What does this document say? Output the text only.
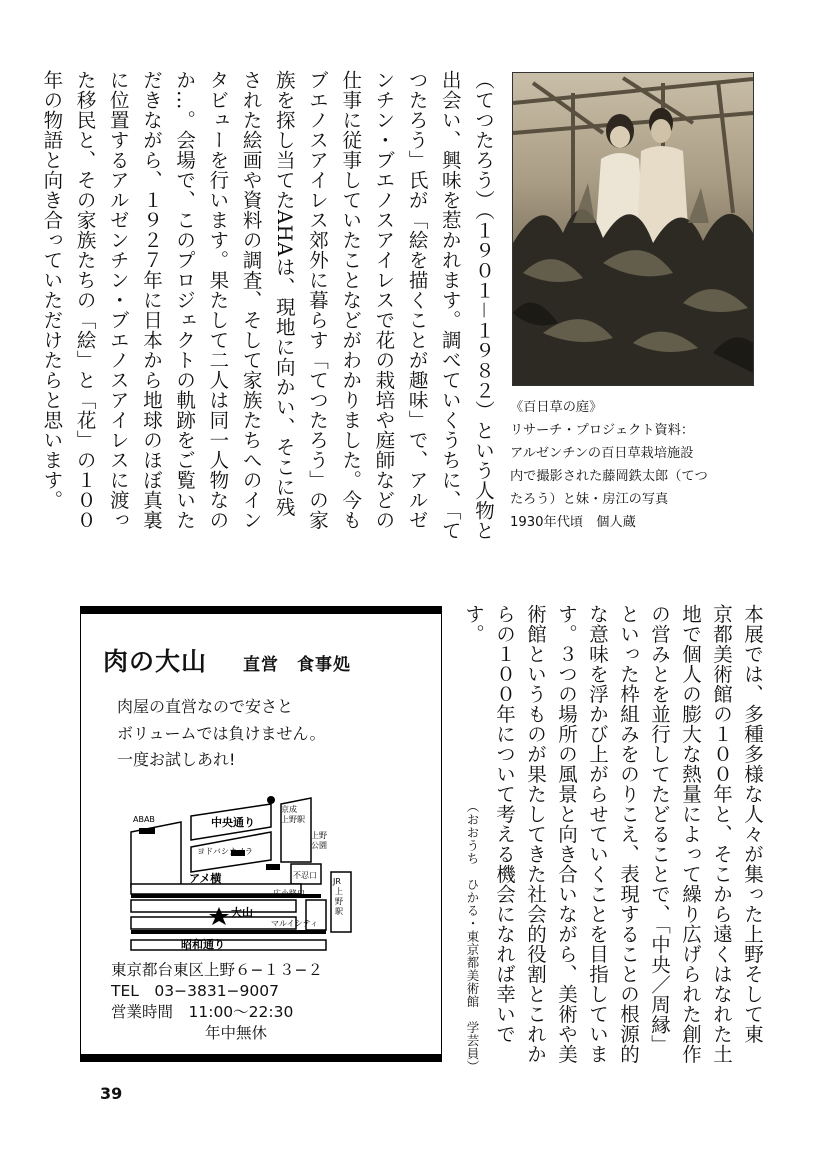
（てつたろう）（１９０１－１９８２）という人物と
出会い、興味を惹かれます。調べていくうちに、「て
つたろう」氏が「絵を描くことが趣味」で、アルゼ
ンチン・ブエノスアイレスで花の栽培や庭師などの
仕事に従事していたことなどがわかりました。今も
ブエノスアイレス郊外に暮らす「てつたろう」の家
族を探し当てたAHAは、現地に向かい、そこに残
された絵画や資料の調査、そして家族たちへのイン
タビューを行います。果たして二人は同一人物なの
か…。会場で、このプロジェクトの軌跡をご覧いた
だきながら、１９２７年に日本から地球のほぼ真裏
に位置するアルゼンチン・ブエノスアイレスに渡っ
た移民と、その家族たちの「絵」と「花」の１００
年の物語と向き合っていただけたらと思います。	《百日草の庭》
リサーチ・プロジェクト資料：
アルゼンチンの百日草栽培施設
内で撮影された藤岡鉄太郎（てつ
たろう）と妹・房江の写真
1930年代頃　個人蔵
肉の大山 直営　食事処
肉屋の直営なので安さと
ボリュームでは負けません。
一度お試しあれ!
ABAB
ヨドバシカメラ
京成
上野駅
上野
公園
不忍口
JR
上
野
駅
広小路口
マルイシティ
中央通り
アメ横
大山
昭和通り
東京都台東区上野６−１３−２
TEL　03−3831−9007
営業時間　11:00〜22:30
年中無休	本展では、多種多様な人々が集った上野そして東
京都美術館の１００年と、そこから遠くはなれた土
地で個人の膨大な熱量によって繰り広げられた創作
の営みとを並行してたどることで、「中央／周縁」
といった枠組みをのりこえ、表現することの根源的
な意味を浮かび上がらせていくことを目指していま
す。３つの場所の風景と向き合いながら、美術や美
術館というものが果たしてきた社会的役割とこれか
らの１００年について考える機会になれば幸いです。
（おおうち　ひかる・東京都美術館　学芸員）
39
